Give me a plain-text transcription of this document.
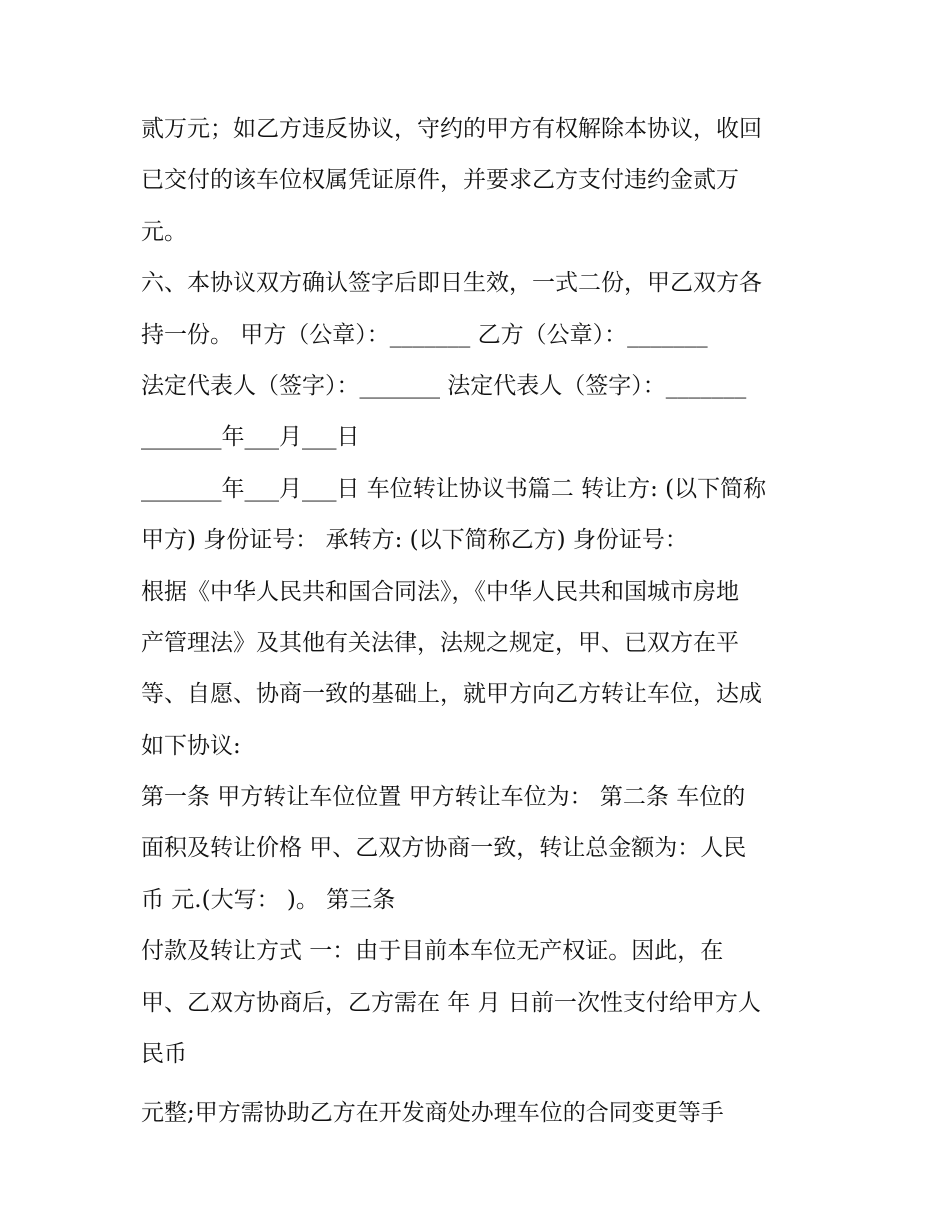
贰万元；如乙方违反协议，守约的甲方有权解除本协议，收回
已交付的该车位权属凭证原件，并要求乙方支付违约金贰万
元。
六、本协议双方确认签字后即日生效，一式二份，甲乙双方各
持一份。 甲方（公章）：_______ 乙方（公章）：_______
法定代表人（签字）：_______ 法定代表人（签字）：_______
_______年___月___日
_______年___月___日 车位转让协议书篇二 转让方: (以下简称
甲方) 身份证号： 承转方: (以下简称乙方) 身份证号：
根据《中华人民共和国合同法》，《中华人民共和国城市房地
产管理法》及其他有关法律，法规之规定，甲、已双方在平
等、自愿、协商一致的基础上，就甲方向乙方转让车位，达成
如下协议:
第一条 甲方转让车位位置 甲方转让车位为： 第二条 车位的
面积及转让价格 甲、乙双方协商一致，转让总金额为：人民
币 元.(大写： )。 第三条
付款及转让方式 一：由于目前本车位无产权证。因此，在
甲、乙双方协商后，乙方需在 年 月 日前一次性支付给甲方人
民币
元整;甲方需协助乙方在开发商处办理车位的合同变更等手
